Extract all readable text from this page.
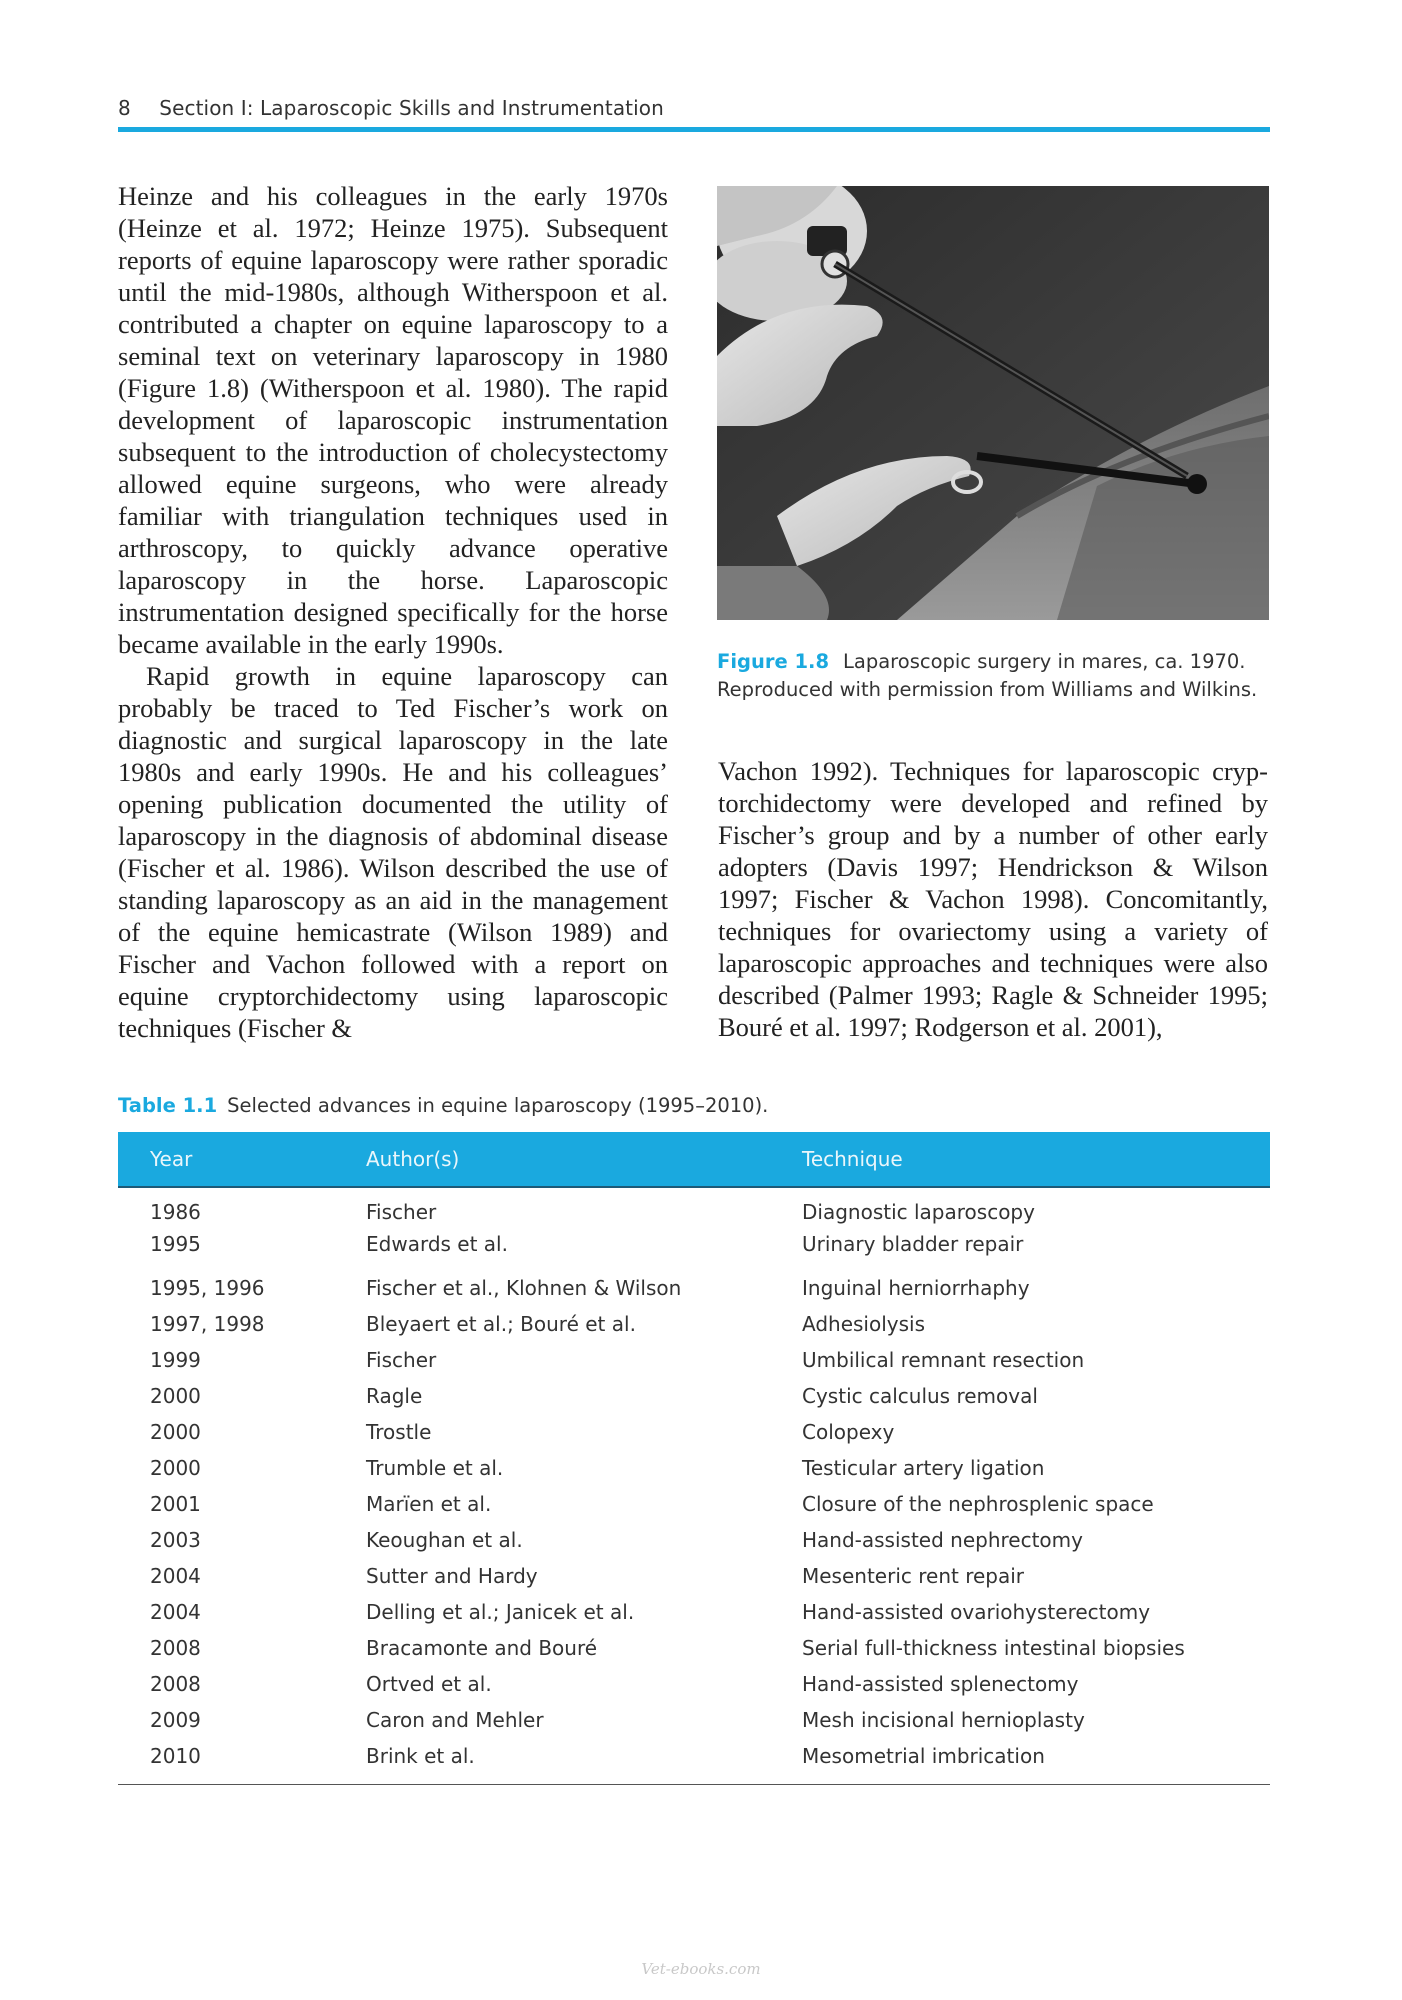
8 Section I: Laparoscopic Skills and Instrumentation

Heinze and his colleagues in the early 1970s (Heinze et al. 1972; Heinze 1975). Subsequent reports of equine laparoscopy were rather sporadic until the mid-1980s, although Witherspoon et al. contributed a chapter on equine laparoscopy to a seminal text on veterinary laparoscopy in 1980 (Figure 1.8) (Witherspoon et al. 1980). The rapid development of laparoscopic instrumentation subsequent to the introduction of cholecystectomy allowed equine surgeons, who were already familiar with triangulation techniques used in arthroscopy, to quickly advance operative laparoscopy in the horse. Laparoscopic instrumentation designed specifically for the horse became available in the early 1990s.

Rapid growth in equine laparoscopy can probably be traced to Ted Fischer’s work on diagnostic and surgical laparoscopy in the late 1980s and early 1990s. He and his colleagues’ opening publication documented the utility of laparoscopy in the diagnosis of abdominal disease (Fischer et al. 1986). Wilson described the use of standing laparoscopy as an aid in the management of the equine hemicastrate (Wilson 1989) and Fischer and Vachon followed with a report on equine cryptorchidectomy using laparoscopic techniques (Fischer &

Figure 1.8 Laparoscopic surgery in mares, ca. 1970. Reproduced with permission from Williams and Wilkins.

Vachon 1992). Techniques for laparoscopic cryptorchidectomy were developed and refined by Fischer’s group and by a number of other early adopters (Davis 1997; Hendrickson & Wilson 1997; Fischer & Vachon 1998). Concomitantly, techniques for ovariectomy using a variety of laparoscopic approaches and techniques were also described (Palmer 1993; Ragle & Schneider 1995; Bouré et al. 1997; Rodgerson et al. 2001),

Table 1.1 Selected advances in equine laparoscopy (1995–2010).
Year	Author(s)	Technique
1986	Fischer	Diagnostic laparoscopy
1995	Edwards et al.	Urinary bladder repair
1995, 1996	Fischer et al., Klohnen & Wilson	Inguinal herniorrhaphy
1997, 1998	Bleyaert et al.; Bouré et al.	Adhesiolysis
1999	Fischer	Umbilical remnant resection
2000	Ragle	Cystic calculus removal
2000	Trostle	Colopexy
2000	Trumble et al.	Testicular artery ligation
2001	Marïen et al.	Closure of the nephrosplenic space
2003	Keoughan et al.	Hand-assisted nephrectomy
2004	Sutter and Hardy	Mesenteric rent repair
2004	Delling et al.; Janicek et al.	Hand-assisted ovariohysterectomy
2008	Bracamonte and Bouré	Serial full-thickness intestinal biopsies
2008	Ortved et al.	Hand-assisted splenectomy
2009	Caron and Mehler	Mesh incisional hernioplasty
2010	Brink et al.	Mesometrial imbrication
Vet-ebooks.com
